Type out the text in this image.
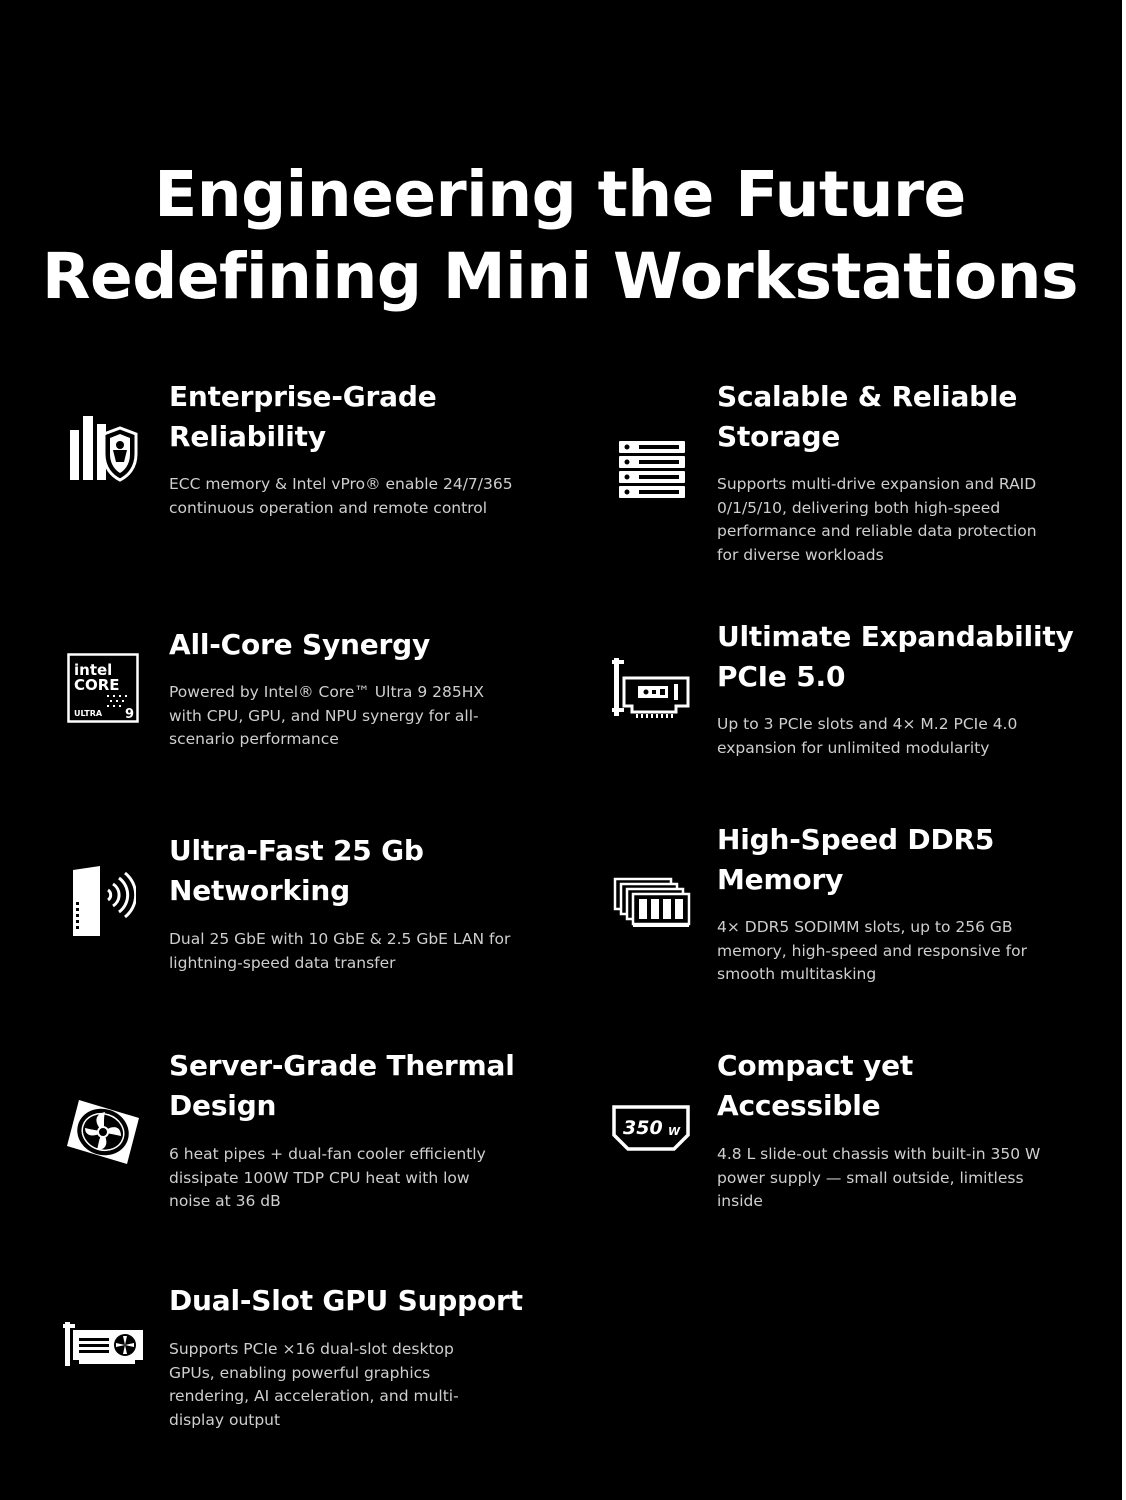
Engineering the Future
Redefining Mini Workstations
Enterprise-Grade
Reliability

ECC memory & Intel vPro® enable 24/7/365 continuous operation and remote control

Scalable & Reliable
Storage

Supports multi-drive expansion and RAID 0/1/5/10, delivering both high-speed performance and reliable data protection for diverse workloads

intel
CORE
ULTRA 9
All-Core Synergy

Powered by Intel® Core™ Ultra 9 285HX with CPU, GPU, and NPU synergy for all-scenario performance

Ultimate Expandability
PCIe 5.0

Up to 3 PCIe slots and 4× M.2 PCIe 4.0 expansion for unlimited modularity

Ultra-Fast 25 Gb
Networking

Dual 25 GbE with 10 GbE & 2.5 GbE LAN for lightning-speed data transfer

High-Speed DDR5
Memory

4× DDR5 SODIMM slots, up to 256 GB memory, high-speed and responsive for smooth multitasking

Server-Grade Thermal
Design

6 heat pipes + dual-fan cooler efficiently dissipate 100W TDP CPU heat with low noise at 36 dB

350 W
Compact yet
Accessible

4.8 L slide-out chassis with built-in 350 W power supply — small outside, limitless inside

Dual-Slot GPU Support

Supports PCIe ×16 dual-slot desktop GPUs, enabling powerful graphics rendering, AI acceleration, and multi-display output
